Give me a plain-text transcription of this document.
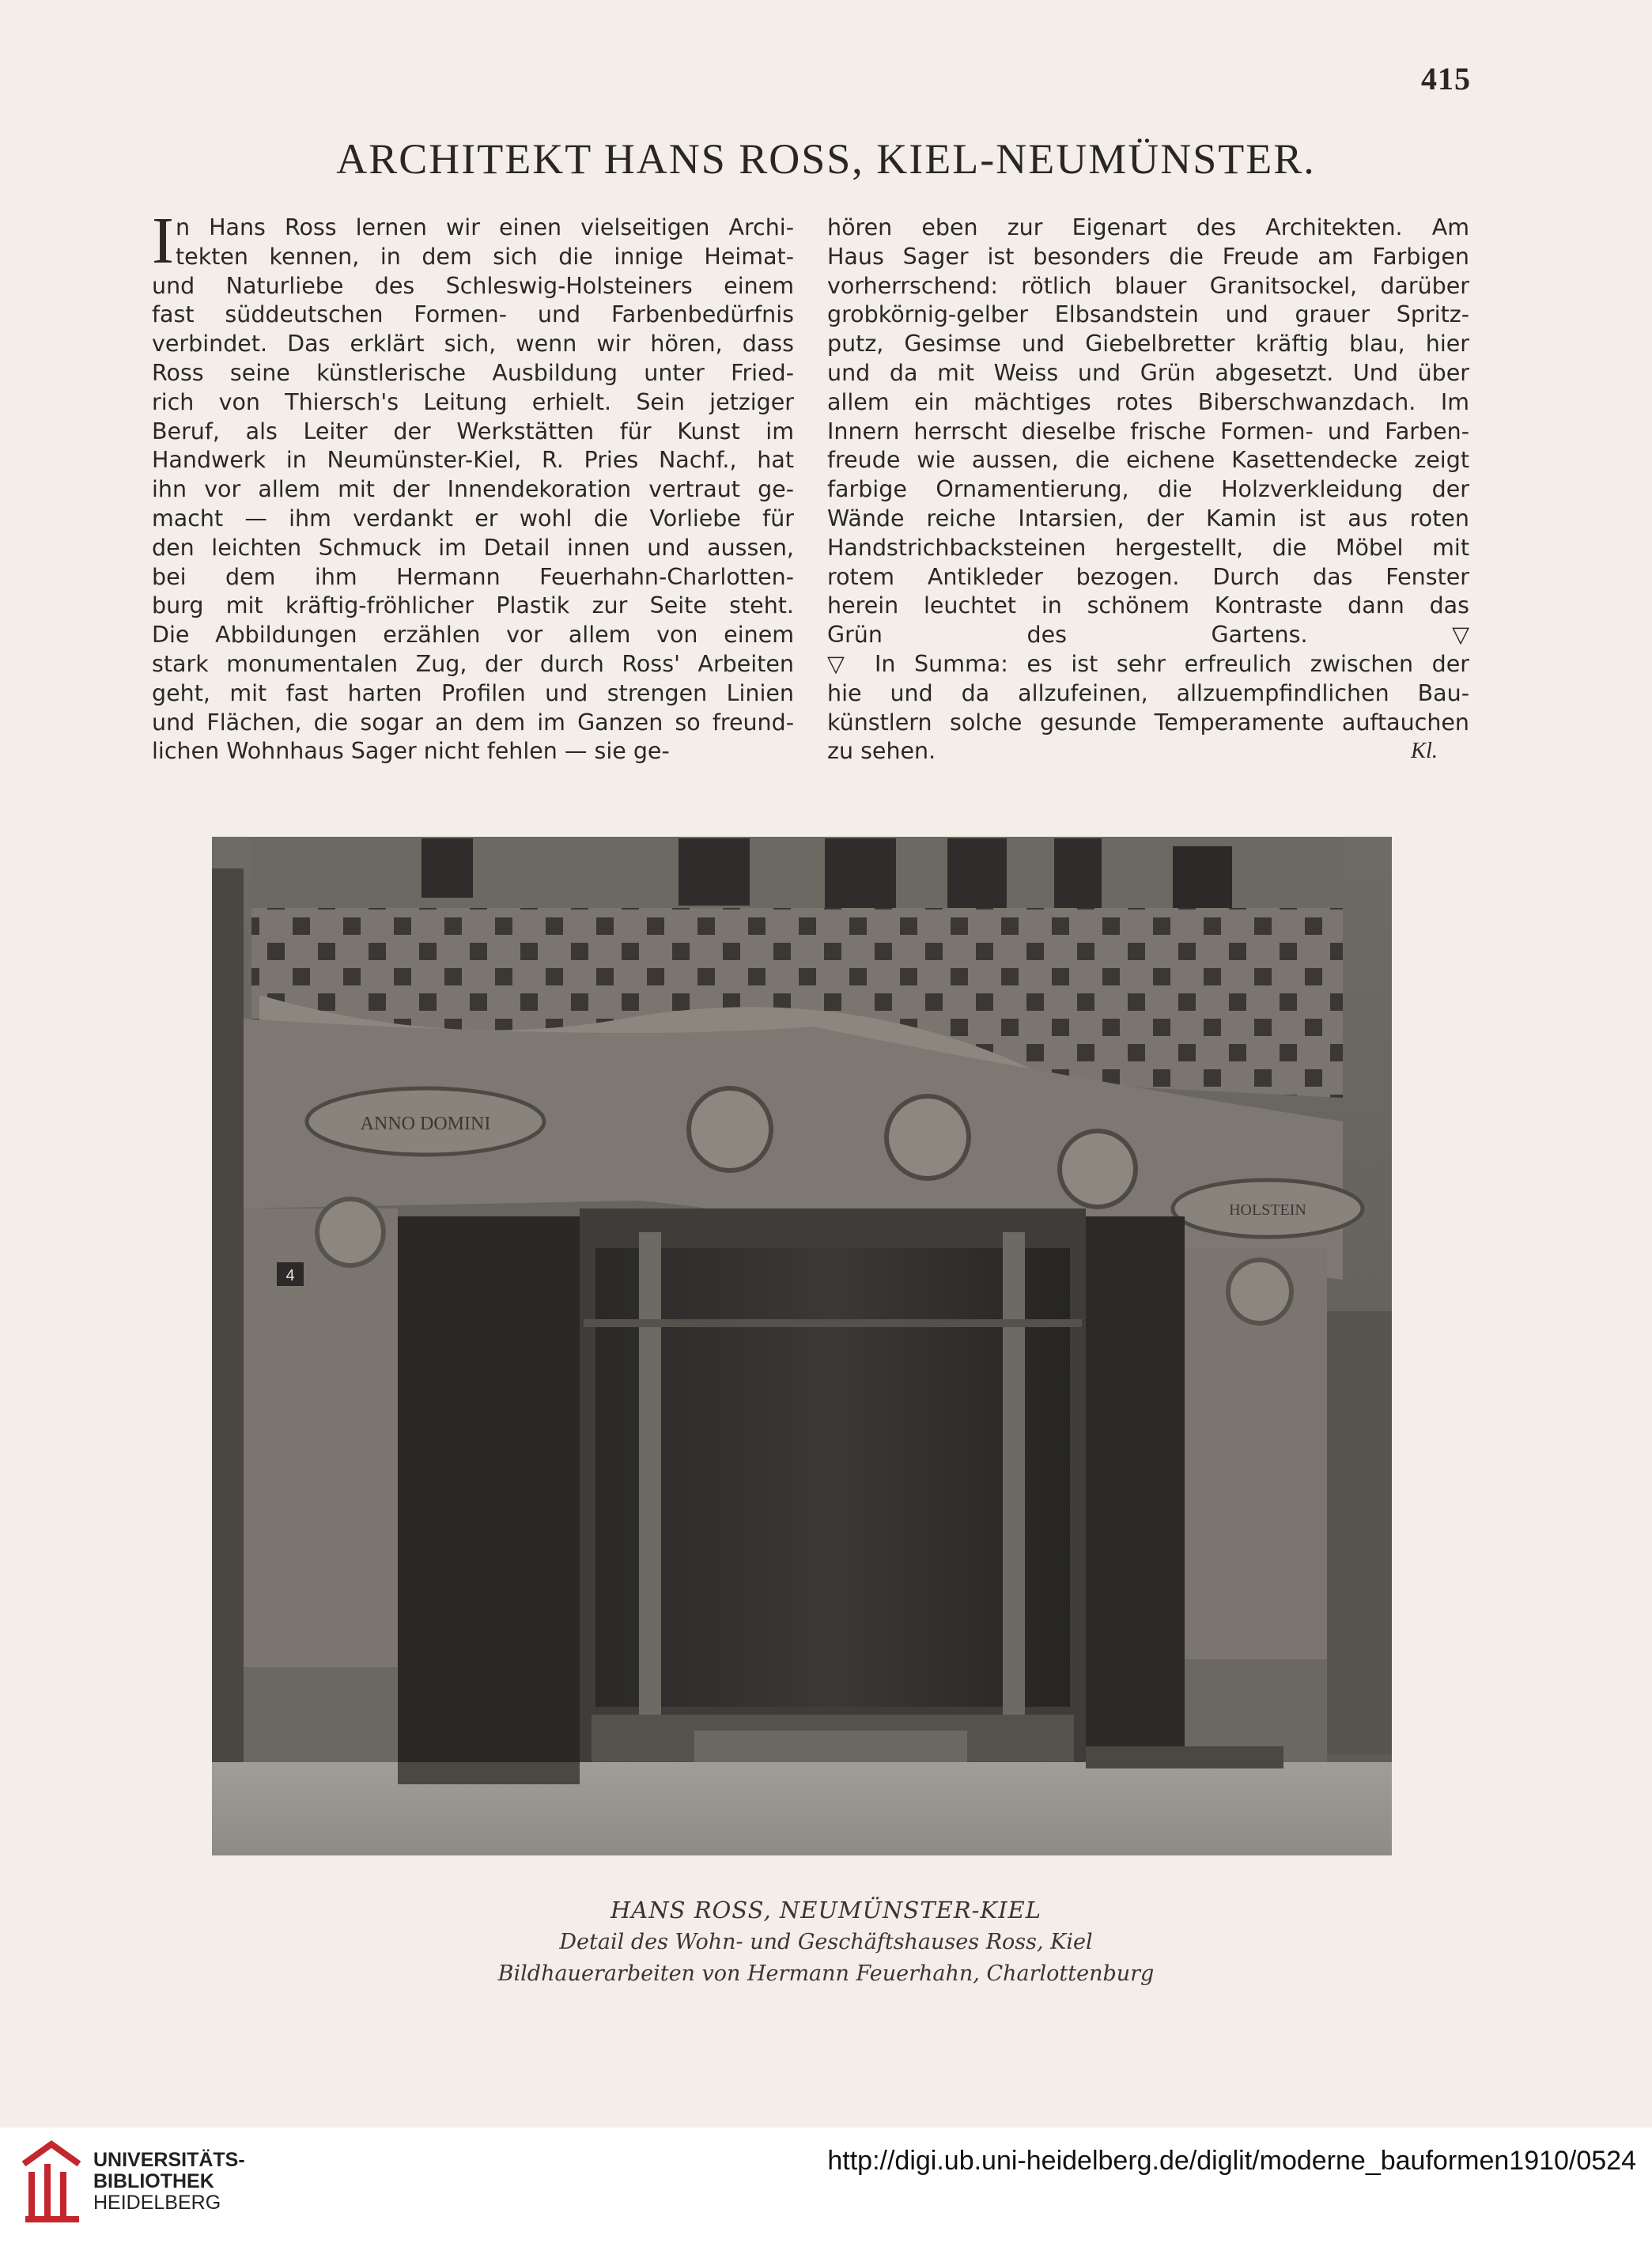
415
ARCHITEKT HANS ROSS, KIEL-NEUMÜNSTER.
I n Hans Ross lernen wir einen vielseitigen Archi-
tekten kennen, in dem sich die innige Heimat-
und Naturliebe des Schleswig-Holsteiners einem
fast süddeutschen Formen- und Farbenbedürfnis
verbindet. Das erklärt sich, wenn wir hören, dass
Ross seine künstlerische Ausbildung unter Fried-
rich von Thiersch's Leitung erhielt. Sein jetziger
Beruf, als Leiter der Werkstätten für Kunst im
Handwerk in Neumünster-Kiel, R. Pries Nachf., hat
ihn vor allem mit der Innendekoration vertraut ge-
macht — ihm verdankt er wohl die Vorliebe für
den leichten Schmuck im Detail innen und aussen,
bei dem ihm Hermann Feuerhahn-Charlotten-
burg mit kräftig-fröhlicher Plastik zur Seite steht.
Die Abbildungen erzählen vor allem von einem
stark monumentalen Zug, der durch Ross' Arbeiten
geht, mit fast harten Profilen und strengen Linien
und Flächen, die sogar an dem im Ganzen so freund-
lichen Wohnhaus Sager nicht fehlen — sie ge-
hören eben zur Eigenart des Architekten. Am
Haus Sager ist besonders die Freude am Farbigen
vorherrschend: rötlich blauer Granitsockel, darüber
grobkörnig-gelber Elbsandstein und grauer Spritz-
putz, Gesimse und Giebelbretter kräftig blau, hier
und da mit Weiss und Grün abgesetzt. Und über
allem ein mächtiges rotes Biberschwanzdach. Im
Innern herrscht dieselbe frische Formen- und Farben-
freude wie aussen, die eichene Kasettendecke zeigt
farbige Ornamentierung, die Holzverkleidung der
Wände reiche Intarsien, der Kamin ist aus roten
Handstrichbacksteinen hergestellt, die Möbel mit
rotem Antikleder bezogen. Durch das Fenster
herein leuchtet in schönem Kontraste dann das
Grün des Gartens. ▽
▽ In Summa: es ist sehr erfreulich zwischen der
hie und da allzufeinen, allzuempfindlichen Bau-
künstlern solche gesunde Temperamente auftauchen
zu sehen.	Kl.
ANNO DOMINI
HOLSTEIN
4
HANS ROSS, NEUMÜNSTER-KIEL
Detail des Wohn- und Geschäftshauses Ross, Kiel
Bildhauerarbeiten von Hermann Feuerhahn, Charlottenburg
UNIVERSITÄTS-
BIBLIOTHEK
HEIDELBERG
http://digi.ub.uni-heidelberg.de/diglit/moderne_bauformen1910/0524
